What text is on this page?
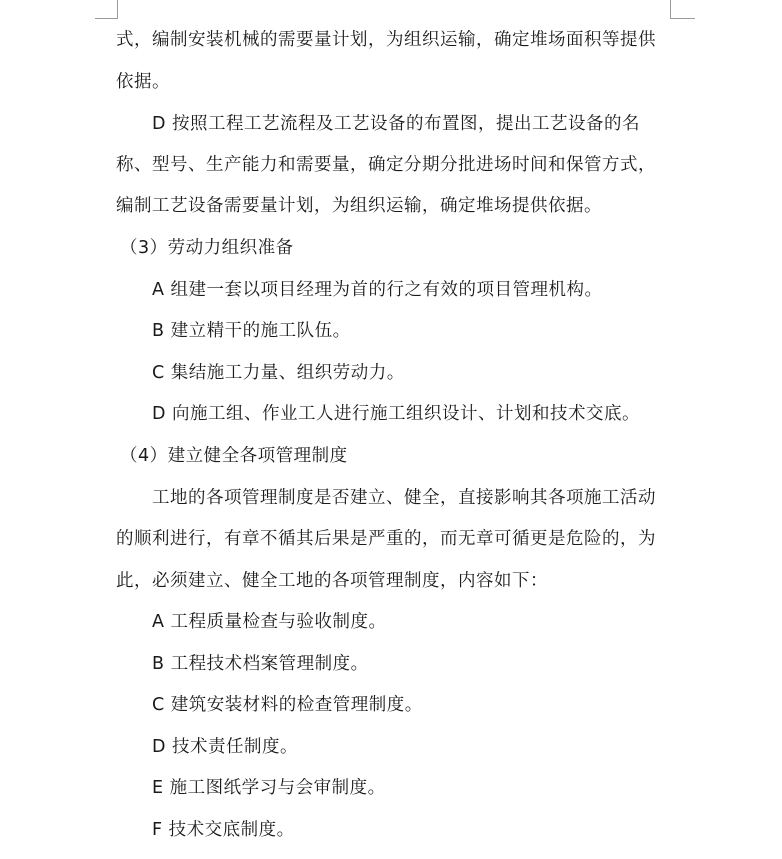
式，编制安装机械的需要量计划，为组织运输，确定堆场面积等提供
依据。
D 按照工程工艺流程及工艺设备的布置图，提出工艺设备的名
称、型号、生产能力和需要量，确定分期分批进场时间和保管方式，
编制工艺设备需要量计划，为组织运输，确定堆场提供依据。
（3）劳动力组织准备
A 组建一套以项目经理为首的行之有效的项目管理机构。
B 建立精干的施工队伍。
C 集结施工力量、组织劳动力。
D 向施工组、作业工人进行施工组织设计、计划和技术交底。
（4）建立健全各项管理制度
工地的各项管理制度是否建立、健全，直接影响其各项施工活动
的顺利进行，有章不循其后果是严重的，而无章可循更是危险的，为
此，必须建立、健全工地的各项管理制度，内容如下：
A 工程质量检查与验收制度。
B 工程技术档案管理制度。
C 建筑安装材料的检查管理制度。
D 技术责任制度。
E 施工图纸学习与会审制度。
F 技术交底制度。
